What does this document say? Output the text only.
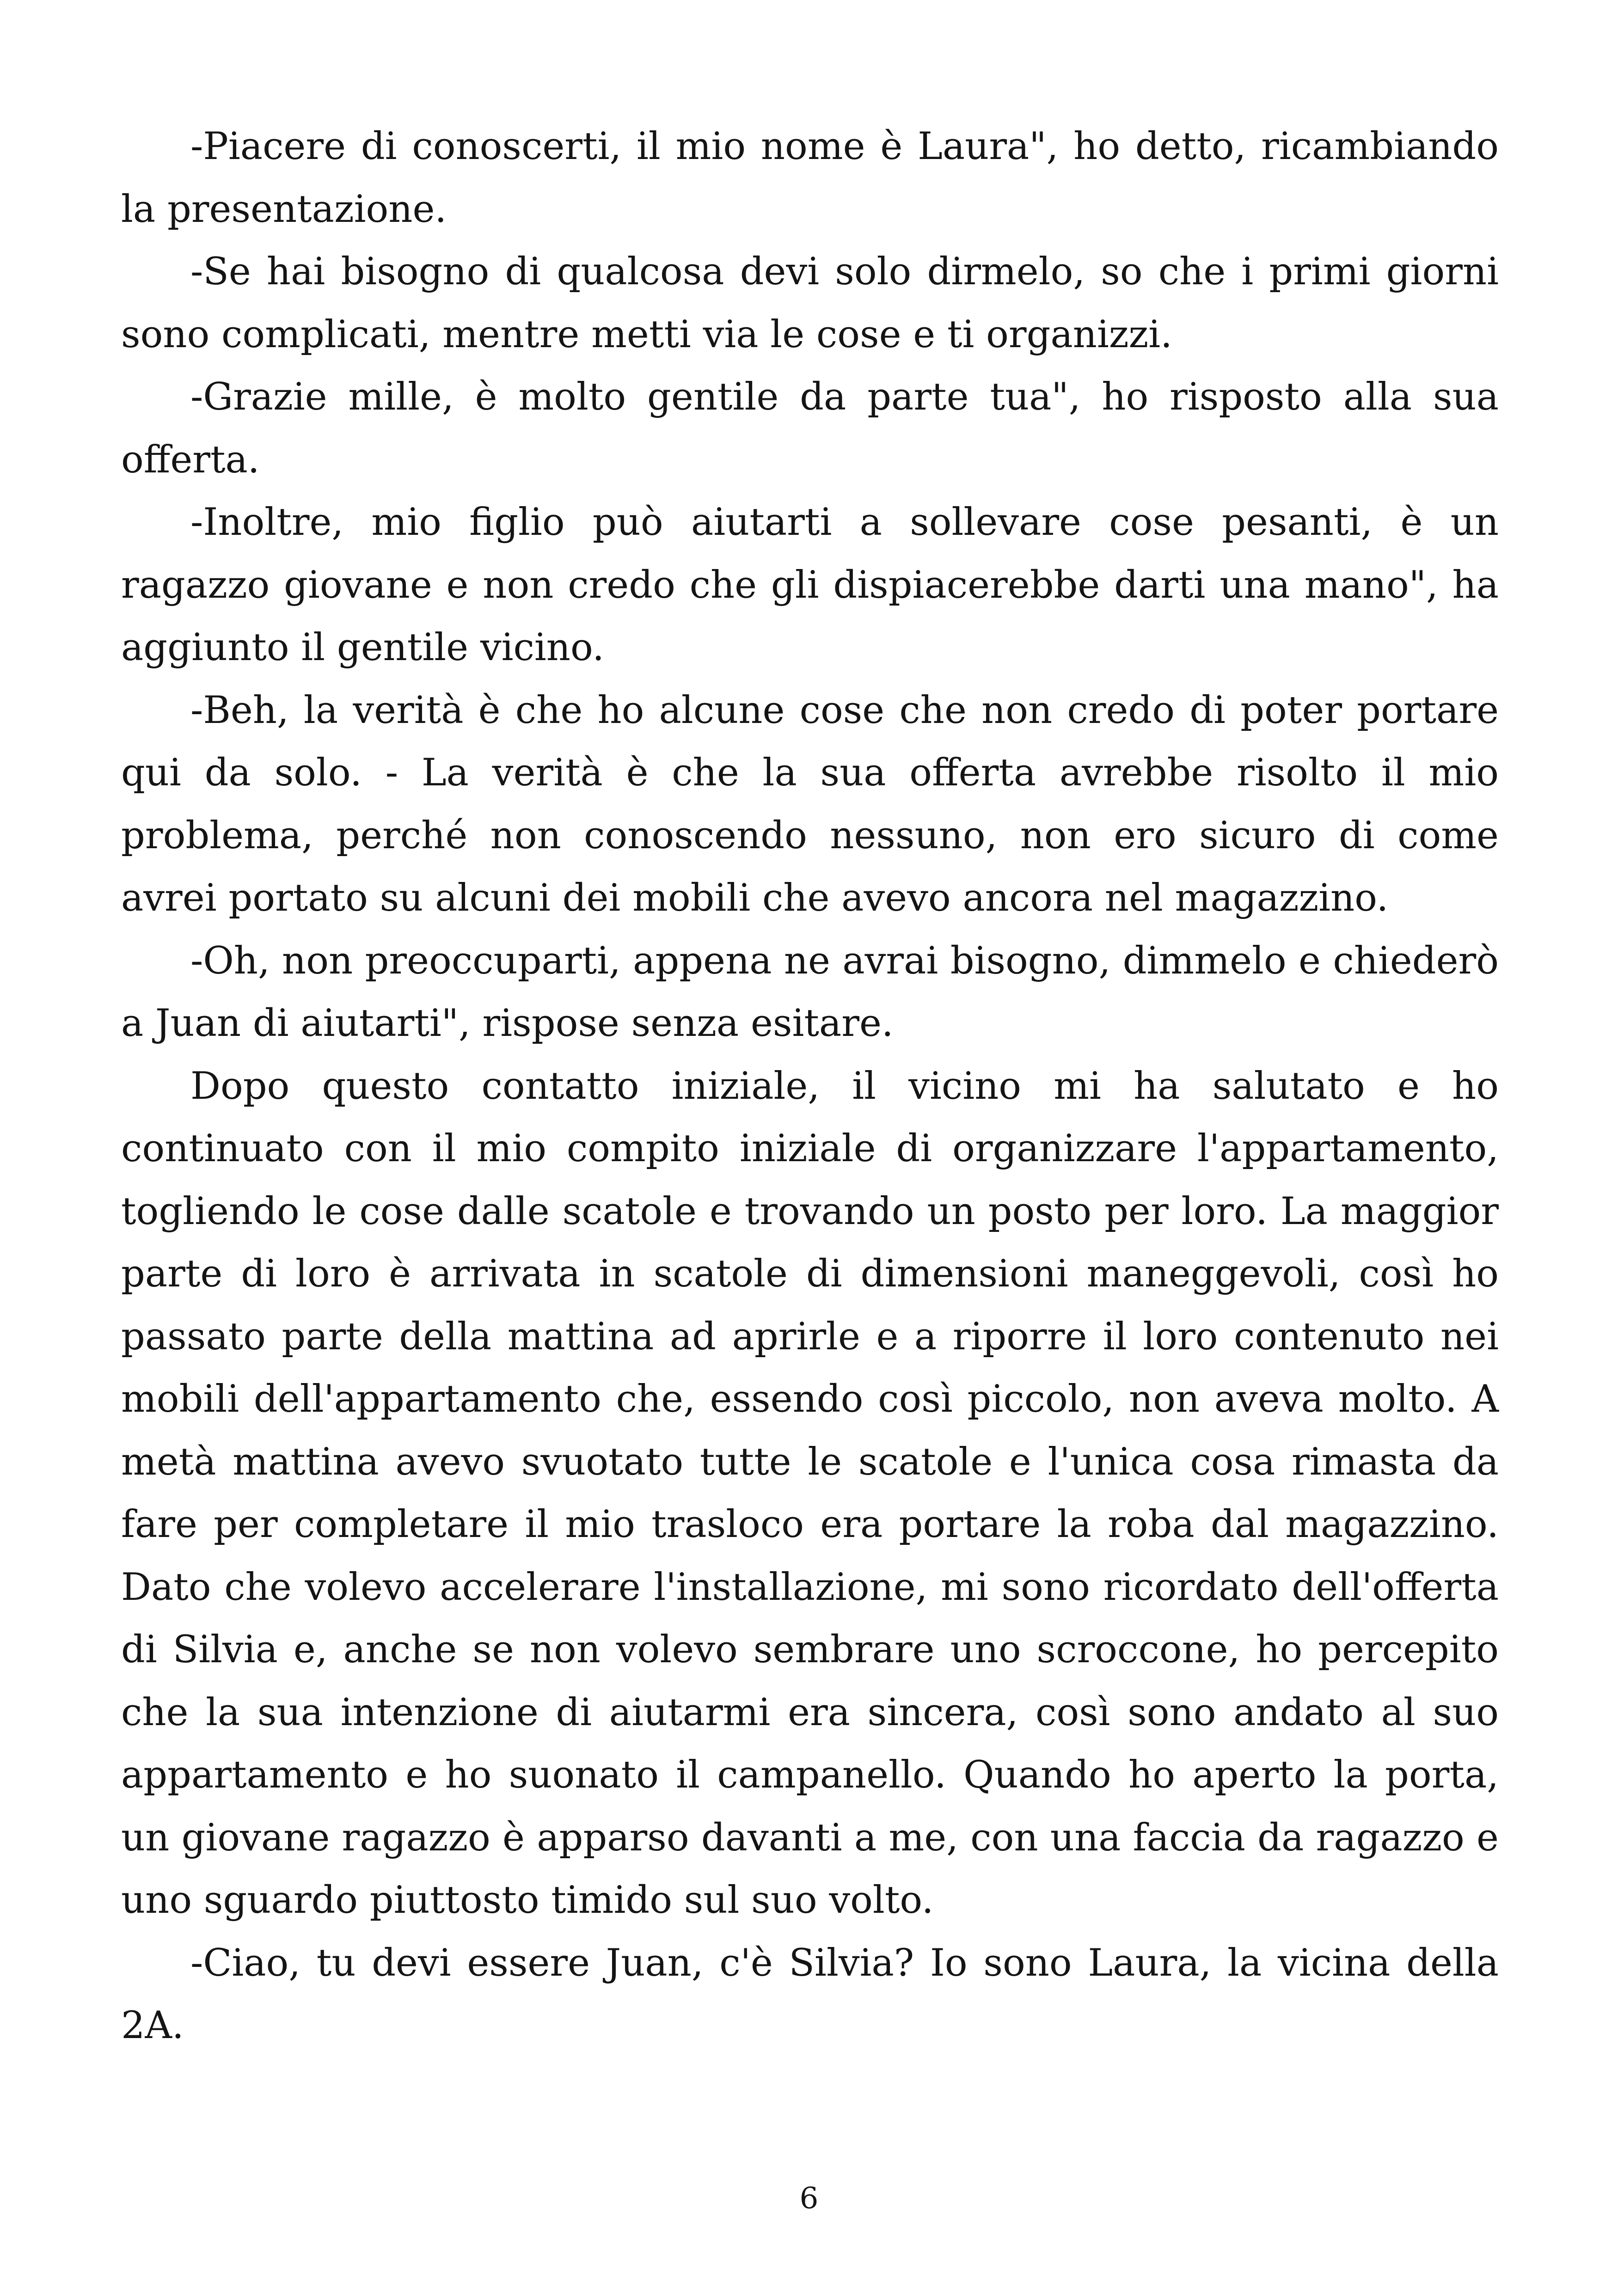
-Piacere di conoscerti, il mio nome è Laura", ho detto, ricambiando la presentazione.

-Se hai bisogno di qualcosa devi solo dirmelo, so che i primi giorni sono complicati, mentre metti via le cose e ti organizzi.

-Grazie mille, è molto gentile da parte tua", ho risposto alla sua offerta.

-Inoltre, mio figlio può aiutarti a sollevare cose pesanti, è un ragazzo giovane e non credo che gli dispiacerebbe darti una mano", ha aggiunto il gentile vicino.

-Beh, la verità è che ho alcune cose che non credo di poter portare qui da solo. - La verità è che la sua offerta avrebbe risolto il mio problema, perché non conoscendo nessuno, non ero sicuro di come avrei portato su alcuni dei mobili che avevo ancora nel magazzino.

-Oh, non preoccuparti, appena ne avrai bisogno, dimmelo e chiederò a Juan di aiutarti", rispose senza esitare.

Dopo questo contatto iniziale, il vicino mi ha salutato e ho continuato con il mio compito iniziale di organizzare l'appartamento, togliendo le cose dalle scatole e trovando un posto per loro. La maggior parte di loro è arrivata in scatole di dimensioni maneggevoli, così ho passato parte della mattina ad aprirle e a riporre il loro contenuto nei mobili dell'appartamento che, essendo così piccolo, non aveva molto. A metà mattina avevo svuotato tutte le scatole e l'unica cosa rimasta da fare per completare il mio trasloco era portare la roba dal magazzino. Dato che volevo accelerare l'installazione, mi sono ricordato dell'offerta di Silvia e, anche se non volevo sembrare uno scroccone, ho percepito che la sua intenzione di aiutarmi era sincera, così sono andato al suo appartamento e ho suonato il campanello. Quando ho aperto la porta, un giovane ragazzo è apparso davanti a me, con una faccia da ragazzo e uno sguardo piuttosto timido sul suo volto.

-Ciao, tu devi essere Juan, c'è Silvia? Io sono Laura, la vicina della 2A.

6
